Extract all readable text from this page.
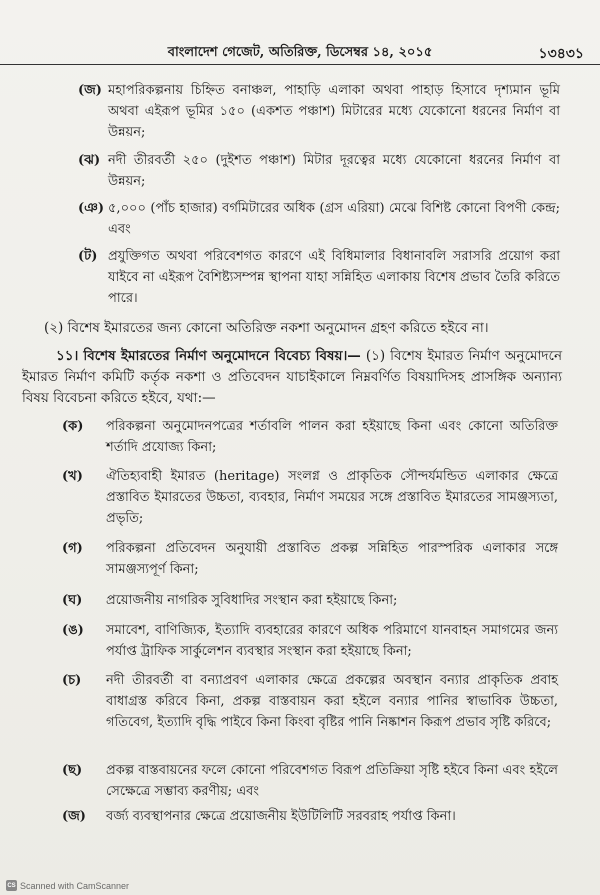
বাংলাদেশ গেজেট, অতিরিক্ত, ডিসেম্বর ১৪, ২০১৫	১৩৪৩১
(জ) মহাপরিকল্পনায় চিহ্নিত বনাঞ্চল, পাহাড়ি এলাকা অথবা পাহাড় হিসাবে দৃশ্যমান ভূমি অথবা এইরূপ ভূমির ১৫০ (একশত পঞ্চাশ) মিটারের মধ্যে যেকোনো ধরনের নির্মাণ বা উন্নয়ন;
(ঝ) নদী তীরবর্তী ২৫০ (দুইশত পঞ্চাশ) মিটার দূরত্বের মধ্যে যেকোনো ধরনের নির্মাণ বা উন্নয়ন;
(ঞ) ৫,০০০ (পাঁচ হাজার) বর্গমিটারের অধিক (গ্রস এরিয়া) মেঝে বিশিষ্ট কোনো বিপণী কেন্দ্র; এবং
(ট) প্রযুক্তিগত অথবা পরিবেশগত কারণে এই বিধিমালার বিধানাবলি সরাসরি প্রয়োগ করা যাইবে না এইরূপ বৈশিষ্ট্যসম্পন্ন স্থাপনা যাহা সন্নিহিত এলাকায় বিশেষ প্রভাব তৈরি করিতে পারে।
(২) বিশেষ ইমারতের জন্য কোনো অতিরিক্ত নকশা অনুমোদন গ্রহণ করিতে হইবে না।
১১। বিশেষ ইমারতের নির্মাণ অনুমোদনে বিবেচ্য বিষয়।— (১) বিশেষ ইমারত নির্মাণ অনুমোদনে ইমারত নির্মাণ কমিটি কর্তৃক নকশা ও প্রতিবেদন যাচাইকালে নিম্নবর্ণিত বিষয়াদিসহ প্রাসঙ্গিক অন্যান্য বিষয় বিবেচনা করিতে হইবে, যথা:—
(ক) পরিকল্পনা অনুমোদনপত্রের শর্তাবলি পালন করা হইয়াছে কিনা এবং কোনো অতিরিক্ত শর্তাদি প্রযোজ্য কিনা;
(খ) ঐতিহ্যবাহী ইমারত (heritage) সংলগ্ন ও প্রাকৃতিক সৌন্দর্যমন্ডিত এলাকার ক্ষেত্রে প্রস্তাবিত ইমারতের উচ্চতা, ব্যবহার, নির্মাণ সময়ের সঙ্গে প্রস্তাবিত ইমারতের সামঞ্জস্যতা, প্রভৃতি;
(গ) পরিকল্পনা প্রতিবেদন অনুযায়ী প্রস্তাবিত প্রকল্প সন্নিহিত পারস্পরিক এলাকার সঙ্গে সামঞ্জস্যপূর্ণ কিনা;
(ঘ) প্রয়োজনীয় নাগরিক সুবিধাদির সংস্থান করা হইয়াছে কিনা;
(ঙ) সমাবেশ, বাণিজ্যিক, ইত্যাদি ব্যবহারের কারণে অধিক পরিমাণে যানবাহন সমাগমের জন্য পর্যাপ্ত ট্রাফিক সার্কুলেশন ব্যবস্থার সংস্থান করা হইয়াছে কিনা;
(চ) নদী তীরবর্তী বা বন্যাপ্রবণ এলাকার ক্ষেত্রে প্রকল্পের অবস্থান বন্যার প্রাকৃতিক প্রবাহ বাধাগ্রস্ত করিবে কিনা, প্রকল্প বাস্তবায়ন করা হইলে বন্যার পানির স্বাভাবিক উচ্চতা, গতিবেগ, ইত্যাদি বৃদ্ধি পাইবে কিনা কিংবা বৃষ্টির পানি নিষ্কাশন কিরূপ প্রভাব সৃষ্টি করিবে;
(ছ) প্রকল্প বাস্তবায়নের ফলে কোনো পরিবেশগত বিরূপ প্রতিক্রিয়া সৃষ্টি হইবে কিনা এবং হইলে সেক্ষেত্রে সম্ভাব্য করণীয়; এবং
(জ) বর্জ্য ব্যবস্থাপনার ক্ষেত্রে প্রয়োজনীয় ইউটিলিটি সরবরাহ পর্যাপ্ত কিনা।
CS Scanned with CamScanner
